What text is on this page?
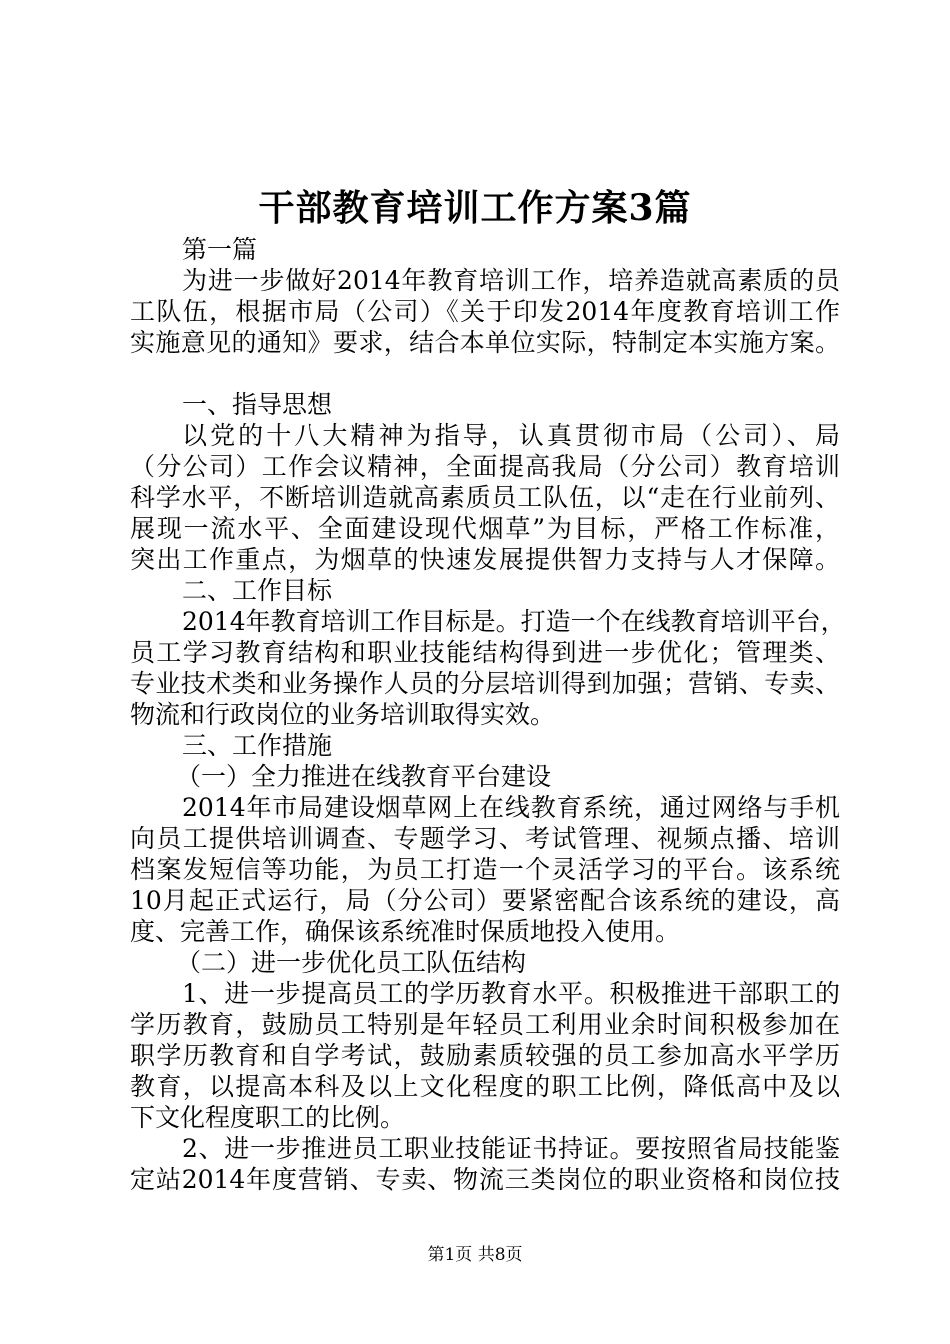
干部教育培训工作方案3篇
第一篇
为进一步做好2014年教育培训工作，培养造就高素质的员
工队伍，根据市局（公司）《关于印发2014年度教育培训工作
实施意见的通知》要求，结合本单位实际，特制定本实施方案。
一、指导思想
以党的十八大精神为指导，认真贯彻市局（公司）、局
（分公司）工作会议精神，全面提高我局（分公司）教育培训
科学水平，不断培训造就高素质员工队伍，以“走在行业前列、
展现一流水平、全面建设现代烟草”为目标，严格工作标准，
突出工作重点，为烟草的快速发展提供智力支持与人才保障。
二、工作目标
2014年教育培训工作目标是。打造一个在线教育培训平台，
员工学习教育结构和职业技能结构得到进一步优化；管理类、
专业技术类和业务操作人员的分层培训得到加强；营销、专卖、
物流和行政岗位的业务培训取得实效。
三、工作措施
（一）全力推进在线教育平台建设
2014年市局建设烟草网上在线教育系统，通过网络与手机
向员工提供培训调查、专题学习、考试管理、视频点播、培训
档案发短信等功能，为员工打造一个灵活学习的平台。该系统
10月起正式运行，局（分公司）要紧密配合该系统的建设，高
度、完善工作，确保该系统准时保质地投入使用。
（二）进一步优化员工队伍结构
1、进一步提高员工的学历教育水平。积极推进干部职工的
学历教育，鼓励员工特别是年轻员工利用业余时间积极参加在
职学历教育和自学考试，鼓励素质较强的员工参加高水平学历
教育，以提高本科及以上文化程度的职工比例，降低高中及以
下文化程度职工的比例。
2、进一步推进员工职业技能证书持证。要按照省局技能鉴
定站2014年度营销、专卖、物流三类岗位的职业资格和岗位技
第1页 共8页
